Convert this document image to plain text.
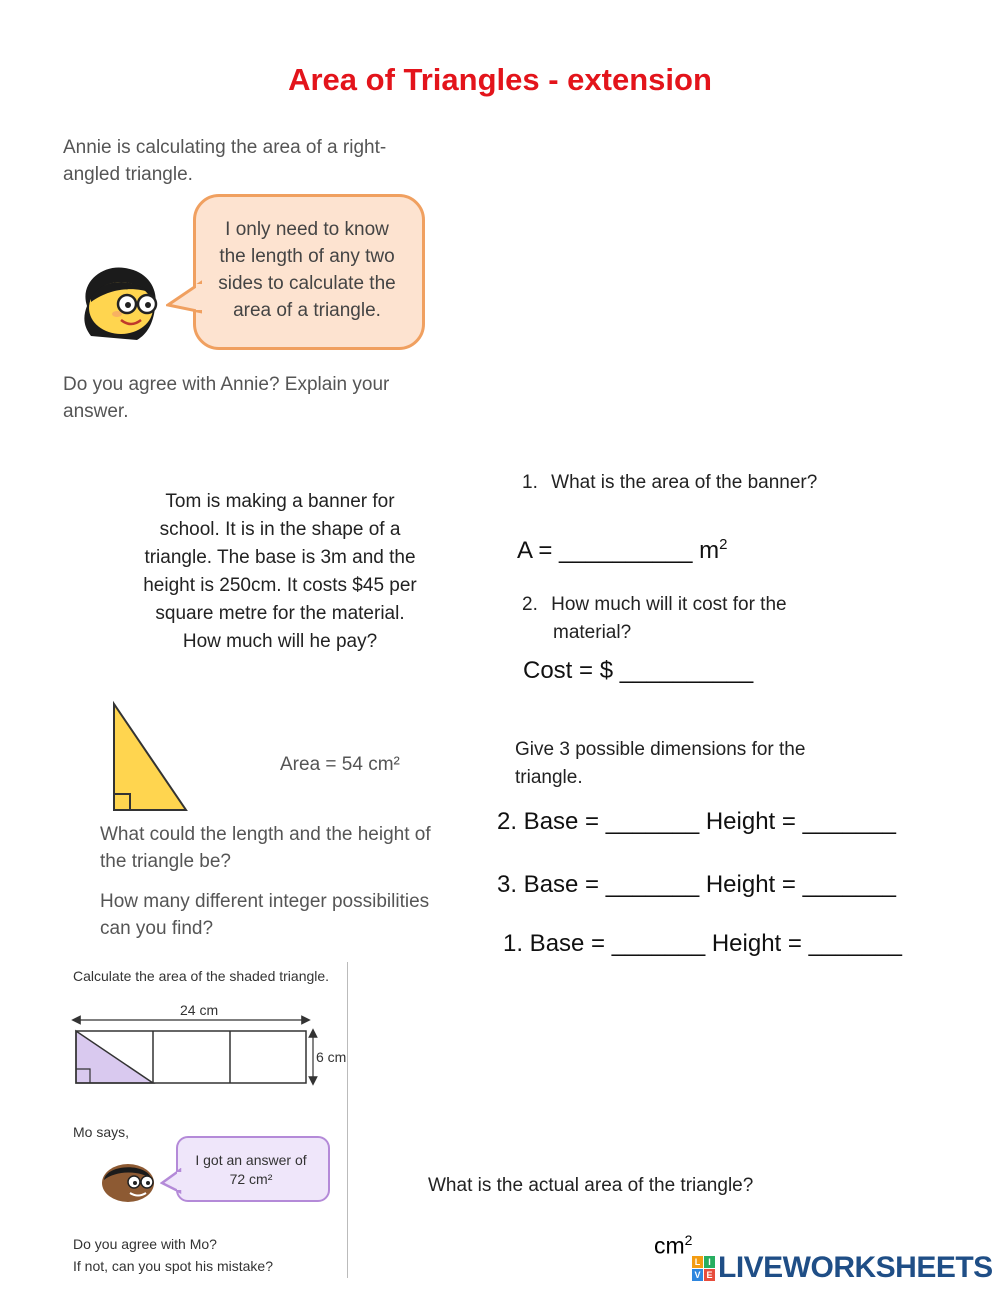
Area of Triangles - extension
Annie is calculating the area of a right-
angled triangle.
I only need to know
the length of any two
sides to calculate the
area of a triangle.
Do you agree with Annie? Explain your
answer.
Tom is making a banner for
school. It is in the shape of a
triangle. The base is 3m and the
height is 250cm. It costs $45 per
square metre for the material.
How much will he pay?
1. What is the area of the banner?
A = __________ $m^2$
2. How much will it cost for the
material?
Cost = $ __________
Area = 54 cm²
What could the length and the height of
the triangle be?
How many different integer possibilities
can you find?
Give 3 possible dimensions for the
triangle.
2. Base = _______ Height = _______
3. Base = _______ Height = _______
1. Base = _______ Height = _______
Calculate the area of the shaded triangle.
24 cm
6 cm
Mo says,
I got an answer of
72 cm²
Do you agree with Mo?
If not, can you spot his mistake?
What is the actual area of the triangle?
$cm^2$
L I
V E LIVEWORKSHEETS
